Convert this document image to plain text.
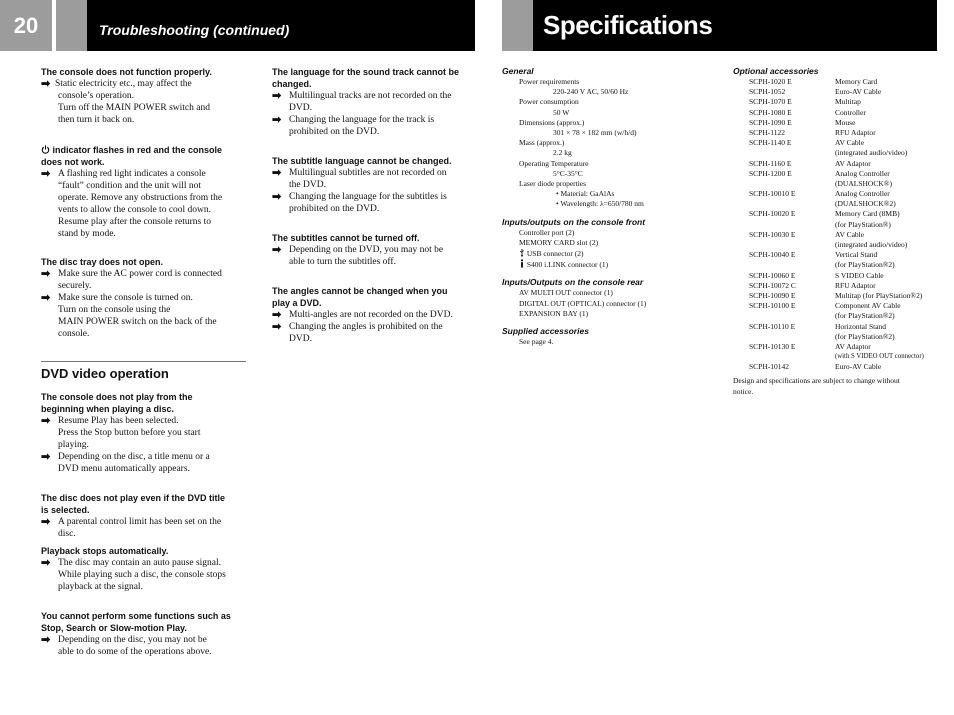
20	Troubleshooting (continued)	Specifications

The console does not function properly.

➡ Static electricity etc., may affect the

console’s operation.

Turn off the MAIN POWER switch and

then turn it back on.

indicator flashes in red and the console

does not work.

➡ A flashing red light indicates a console

“fault” condition and the unit will not

operate. Remove any obstructions from the

vents to allow the console to cool down.

Resume play after the console returns to

stand by mode.

The disc tray does not open.

➡ Make sure the AC power cord is connected

securely.

➡ Make sure the console is turned on.

Turn on the console using the

MAIN POWER switch on the back of the

console.

DVD video operation

The console does not play from the

beginning when playing a disc.

➡ Resume Play has been selected.

Press the Stop button before you start

playing.

➡ Depending on the disc, a title menu or a

DVD menu automatically appears.

The disc does not play even if the DVD title

is selected.

➡ A parental control limit has been set on the

disc.

Playback stops automatically.

➡ The disc may contain an auto pause signal.

While playing such a disc, the console stops

playback at the signal.

You cannot perform some functions such as

Stop, Search or Slow-motion Play.

➡ Depending on the disc, you may not be

able to do some of the operations above.

The language for the sound track cannot be

changed.

➡ Multilingual tracks are not recorded on the

DVD.

➡ Changing the language for the track is

prohibited on the DVD.

The subtitle language cannot be changed.

➡ Multilingual subtitles are not recorded on

the DVD.

➡ Changing the language for the subtitles is

prohibited on the DVD.

The subtitles cannot be turned off.

➡ Depending on the DVD, you may not be

able to turn the subtitles off.

The angles cannot be changed when you

play a DVD.

➡ Multi-angles are not recorded on the DVD.

➡ Changing the angles is prohibited on the

DVD.

General

Power requirements

220-240 V AC, 50/60 Hz

Power consumption

50 W

Dimensions (approx.)

301 × 78 × 182 mm (w/h/d)

Mass (approx.)

2.2 kg

Operating Temperature

5°C-35°C

Laser diode properties

• Material: GaAlAs

• Wavelength: λ=650/780 nm

Inputs/outputs on the console front

Controller port (2)

MEMORY CARD slot (2)

USB connector (2)

S400 i.LINK connector (1)

Inputs/Outputs on the console rear

AV MULTI OUT connector (1)

DIGITAL OUT (OPTICAL) connector (1)

EXPANSION BAY (1)

Supplied accessories

See page 4.

Optional accessories

SCPH-1020 E	Memory Card
SCPH-1052	Euro-AV Cable
SCPH-1070 E	Multitap
SCPH-1080 E	Controller
SCPH-1090 E	Mouse
SCPH-1122	RFU Adaptor
SCPH-1140 E	AV Cable
(integrated audio/video)
SCPH-1160 E	AV Adaptor
SCPH-1200 E	Analog Controller
(DUALSHOCK®)
SCPH-10010 E	Analog Controller
(DUALSHOCK®2)
SCPH-10020 E	Memory Card (8MB)
(for PlayStation®)
SCPH-10030 E	AV Cable
(integrated audio/video)
SCPH-10040 E	Vertical Stand
(for PlayStation®2)
SCPH-10060 E	S VIDEO Cable
SCPH-10072 C	RFU Adaptor
SCPH-10090 E	Multitap (for PlayStation®2)
SCPH-10100 E	Component AV Cable
(for PlayStation®2)
SCPH-10110 E	Horizontal Stand
(for PlayStation®2)
SCPH-10130 E	AV Adaptor
(with S VIDEO OUT connector)
SCPH-10142	Euro-AV Cable

Design and specifications are subject to change without

notice.
